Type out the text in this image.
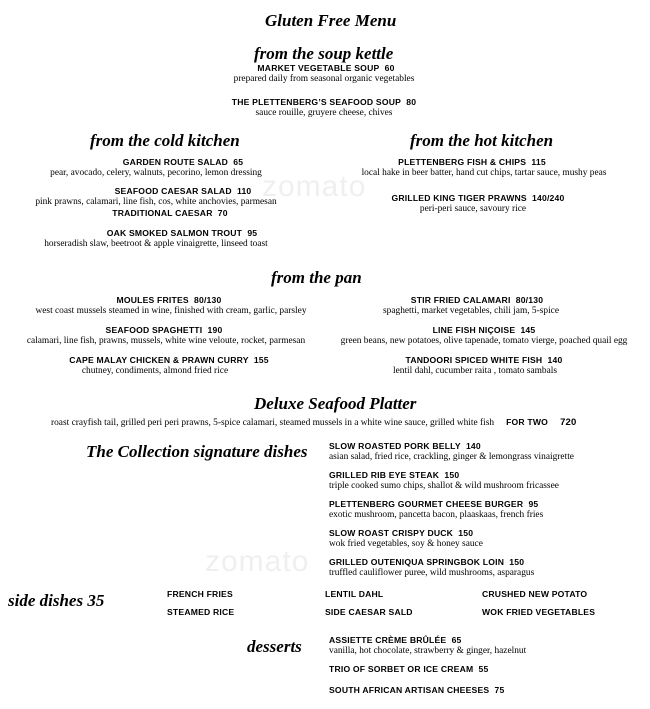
zomato
zomato
Gluten Free Menu
from the soup kettle
MARKET VEGETABLE SOUP 60
prepared daily from seasonal organic vegetables
THE PLETTENBERG’S SEAFOOD SOUP 80
sauce rouille, gruyere cheese, chives
from the cold kitchen
GARDEN ROUTE SALAD 65
pear, avocado, celery, walnuts, pecorino, lemon dressing
SEAFOOD CAESAR SALAD 110
pink prawns, calamari, line fish, cos, white anchovies, parmesan
TRADITIONAL CAESAR 70
OAK SMOKED SALMON TROUT 95
horseradish slaw, beetroot & apple vinaigrette, linseed toast
from the hot kitchen
PLETTENBERG FISH & CHIPS 115
local hake in beer batter, hand cut chips, tartar sauce, mushy peas
GRILLED KING TIGER PRAWNS 140/240
peri-peri sauce, savoury rice
from the pan
MOULES FRITES 80/130
west coast mussels steamed in wine, finished with cream, garlic, parsley
SEAFOOD SPAGHETTI 190
calamari, line fish, prawns, mussels, white wine veloute, rocket, parmesan
CAPE MALAY CHICKEN & PRAWN CURRY 155
chutney, condiments, almond fried rice
STIR FRIED CALAMARI 80/130
spaghetti, market vegetables, chili jam, 5-spice
LINE FISH NIÇOISE 145
green beans, new potatoes, olive tapenade, tomato vierge, poached quail egg
TANDOORI SPICED WHITE FISH 140
lentil dahl, cucumber raita , tomato sambals
Deluxe Seafood Platter
roast crayfish tail, grilled peri peri prawns, 5-spice calamari, steamed mussels in a white wine sauce, grilled white fish FOR TWO 720
The Collection signature dishes	SLOW ROASTED PORK BELLY 140
asian salad, fried rice, crackling, ginger & lemongrass vinaigrette
GRILLED RIB EYE STEAK 150
triple cooked sumo chips, shallot & wild mushroom fricassee
PLETTENBERG GOURMET CHEESE BURGER 95
exotic mushroom, pancetta bacon, plaaskaas, french fries
SLOW ROAST CRISPY DUCK 150
wok fried vegetables, soy & honey sauce
GRILLED OUTENIQUA SPRINGBOK LOIN 150
truffled cauliflower puree, wild mushrooms, asparagus
side dishes 35	FRENCH FRIES	LENTIL DAHL	CRUSHED NEW POTATO
STEAMED RICE	SIDE CAESAR SALD	WOK FRIED VEGETABLES
desserts	ASSIETTE CRÈME BRÛLÉE 65
vanilla, hot chocolate, strawberry & ginger, hazelnut
TRIO OF SORBET OR ICE CREAM 55
SOUTH AFRICAN ARTISAN CHEESES 75
